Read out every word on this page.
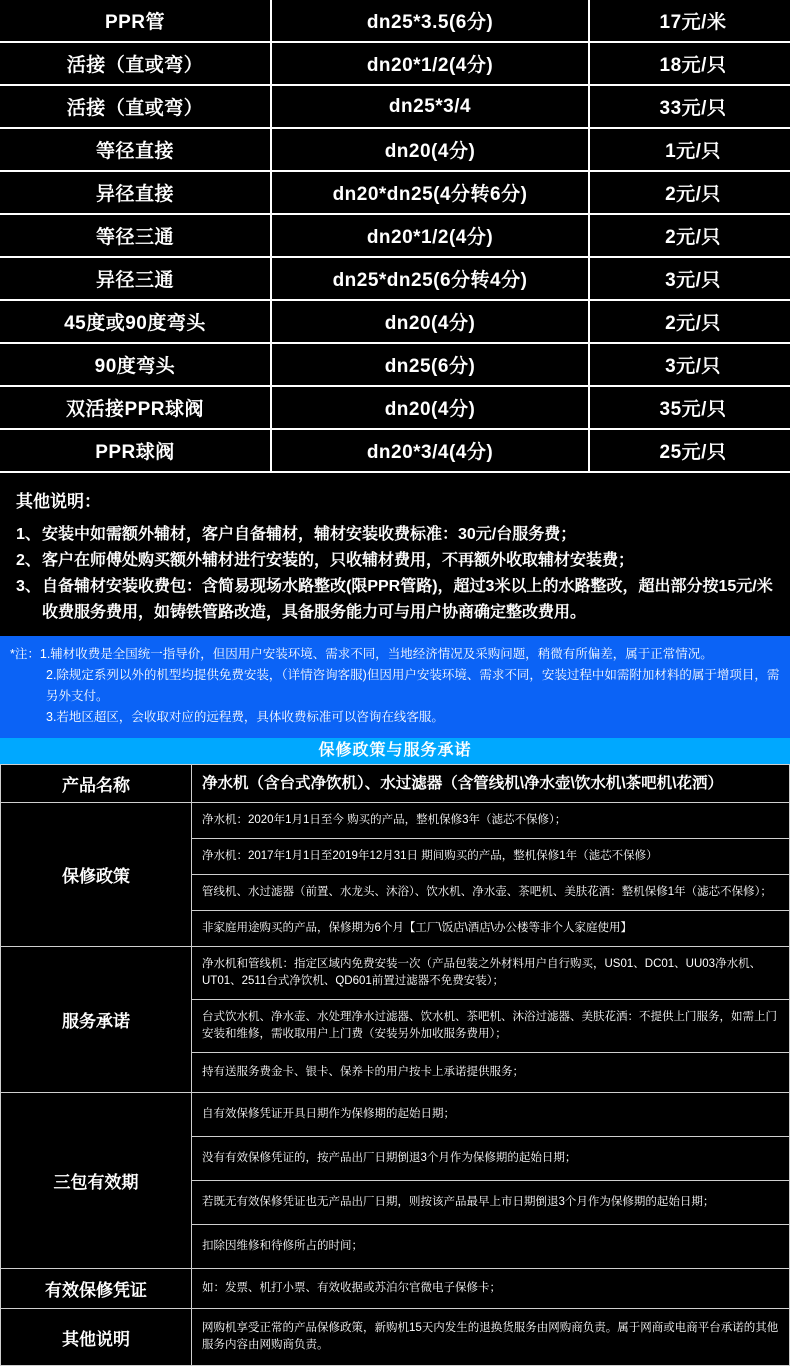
PPR管	dn25*3.5(6分)	17元/米
活接（直或弯）	dn20*1/2(4分)	18元/只
活接（直或弯）	dn25*3/4	33元/只
等径直接	dn20(4分)	1元/只
异径直接	dn20*dn25(4分转6分)	2元/只
等径三通	dn20*1/2(4分)	2元/只
异径三通	dn25*dn25(6分转4分)	3元/只
45度或90度弯头	dn20(4分)	2元/只
90度弯头	dn25(6分)	3元/只
双活接PPR球阀	dn20(4分)	35元/只
PPR球阀	dn20*3/4(4分)	25元/只
其他说明：
1、 安装中如需额外辅材，客户自备辅材，辅材安装收费标准：30元/台服务费；
2、 客户在师傅处购买额外辅材进行安装的，只收辅材费用，不再额外收取辅材安装费；
3、 自备辅材安装收费包：含简易现场水路整改(限PPR管路)，超过3米以上的水路整改，超出部分按15元/米收费服务费用，如铸铁管路改造，具备服务能力可与用户协商确定整改费用。
*注：1. 辅材收费是全国统一指导价，但因用户安装环境、需求不同，当地经济情况及采购问题，稍微有所偏差，属于正常情况。
2.除规定系列以外的机型均提供免费安装，（详情咨询客服)但因用户安装环境、需求不同，安装过程中如需附加材料的属于增项目，需另外支付。
3.若地区超区，会收取对应的远程费，具体收费标准可以咨询在线客服。
保修政策与服务承诺
产品名称	净水机（含台式净饮机）、水过滤器（含管线机\净水壶\饮水机\茶吧机\花洒）
保修政策	净水机：2020年1月1日至今 购买的产品，整机保修3年（滤芯不保修）；
净水机：2017年1月1日至2019年12月31日 期间购买的产品，整机保修1年（滤芯不保修）
管线机、水过滤器（前置、水龙头、沐浴）、饮水机、净水壶、茶吧机、美肤花酒：整机保修1年（滤芯不保修）；
非家庭用途购买的产品，保修期为6个月【工厂\饭店\酒店\办公楼等非个人家庭使用】

服务承诺	净水机和管线机：指定区域内免费安装一次（产品包装之外材料用户自行购买，US01、DC01、UU03净水机、UT01、2511台式净饮机、QD601前置过滤器不免费安装）；
台式饮水机、净水壶、水处理净水过滤器、饮水机、茶吧机、沐浴过滤器、美肤花洒：不提供上门服务，如需上门安装和维修，需收取用户上门费（安装另外加收服务费用）；
持有送服务费金卡、银卡、保养卡的用户按卡上承诺提供服务；

三包有效期	自有效保修凭证开具日期作为保修期的起始日期；
没有有效保修凭证的，按产品出厂日期倒退3个月作为保修期的起始日期；
若既无有效保修凭证也无产品出厂日期，则按该产品最早上市日期倒退3个月作为保修期的起始日期；
扣除因维修和待修所占的时间；

有效保修凭证	如：发票、机打小票、有效收据或苏泊尔官微电子保修卡；

其他说明	网购机享受正常的产品保修政策，新购机15天内发生的退换货服务由网购商负责。属于网商或电商平台承诺的其他服务内容由网购商负责。
